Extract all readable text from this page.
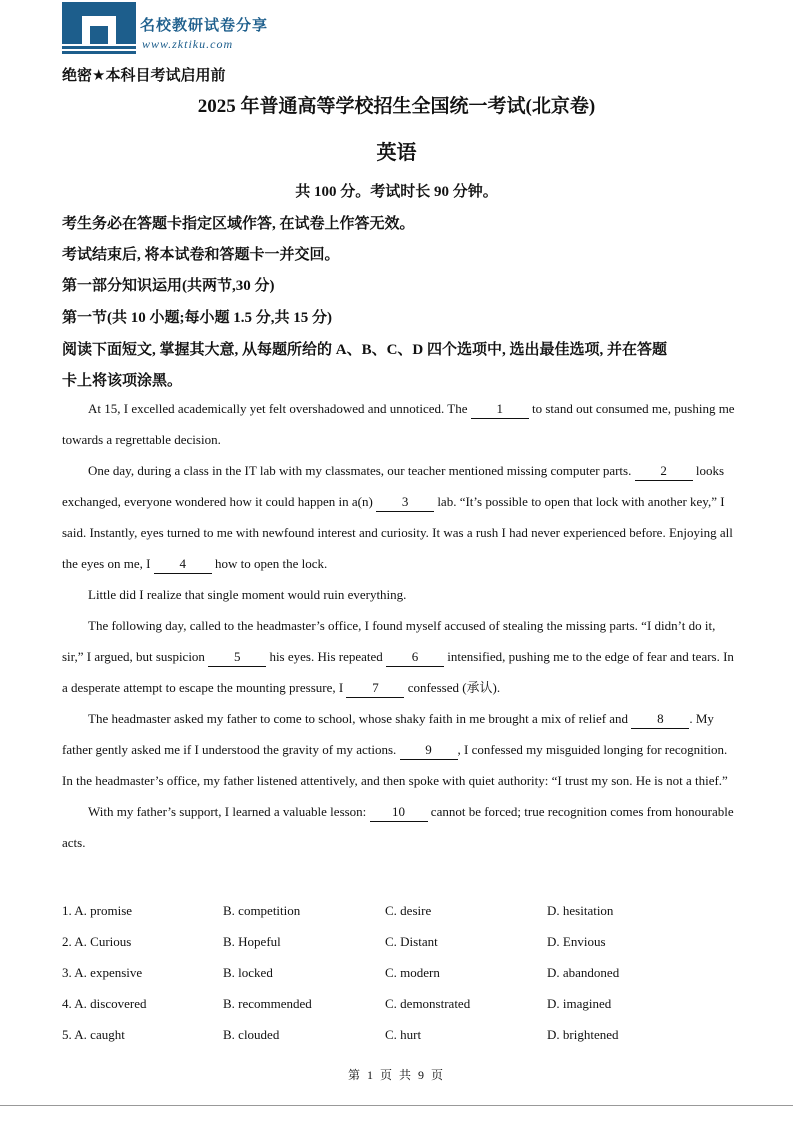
名校教研试卷分享
www.zktiku.com
绝密★本科目考试启用前
2025 年普通高等学校招生全国统一考试(北京卷)
英语
共 100 分。考试时长 90 分钟。
考生务必在答题卡指定区域作答, 在试卷上作答无效。
考试结束后, 将本试卷和答题卡一并交回。
第一部分知识运用(共两节,30 分)
第一节(共 10 小题;每小题 1.5 分,共 15 分)
阅读下面短文, 掌握其大意, 从每题所给的 A、B、C、D 四个选项中, 选出最佳选项, 并在答题
卡上将该项涂黑。

At 15, I excelled academically yet felt overshadowed and unnoticed. The 1 to stand out consumed me, pushing me towards a regrettable decision.

One day, during a class in the IT lab with my classmates, our teacher mentioned missing computer parts. 2 looks exchanged, everyone wondered how it could happen in a(n) 3 lab. “It’s possible to open that lock with another key,” I said. Instantly, eyes turned to me with newfound interest and curiosity. It was a rush I had never experienced before. Enjoying all the eyes on me, I 4 how to open the lock.

Little did I realize that single moment would ruin everything.

The following day, called to the headmaster’s office, I found myself accused of stealing the missing parts. “I didn’t do it, sir,” I argued, but suspicion 5 his eyes. His repeated 6 intensified, pushing me to the edge of fear and tears. In a desperate attempt to escape the mounting pressure, I 7 confessed (承认).

The headmaster asked my father to come to school, whose shaky faith in me brought a mix of relief and 8 . My father gently asked me if I understood the gravity of my actions. 9 , I confessed my misguided longing for recognition. In the headmaster’s office, my father listened attentively, and then spoke with quiet authority: “I trust my son. He is not a thief.”

With my father’s support, I learned a valuable lesson: 10 cannot be forced; true recognition comes from honourable acts.

1. A. promise	B. competition	C. desire	D. hesitation
2. A. Curious	B. Hopeful	C. Distant	D. Envious
3. A. expensive	B. locked	C. modern	D. abandoned
4. A. discovered	B. recommended	C. demonstrated	D. imagined
5. A. caught	B. clouded	C. hurt	D. brightened
第 1 页 共 9 页
